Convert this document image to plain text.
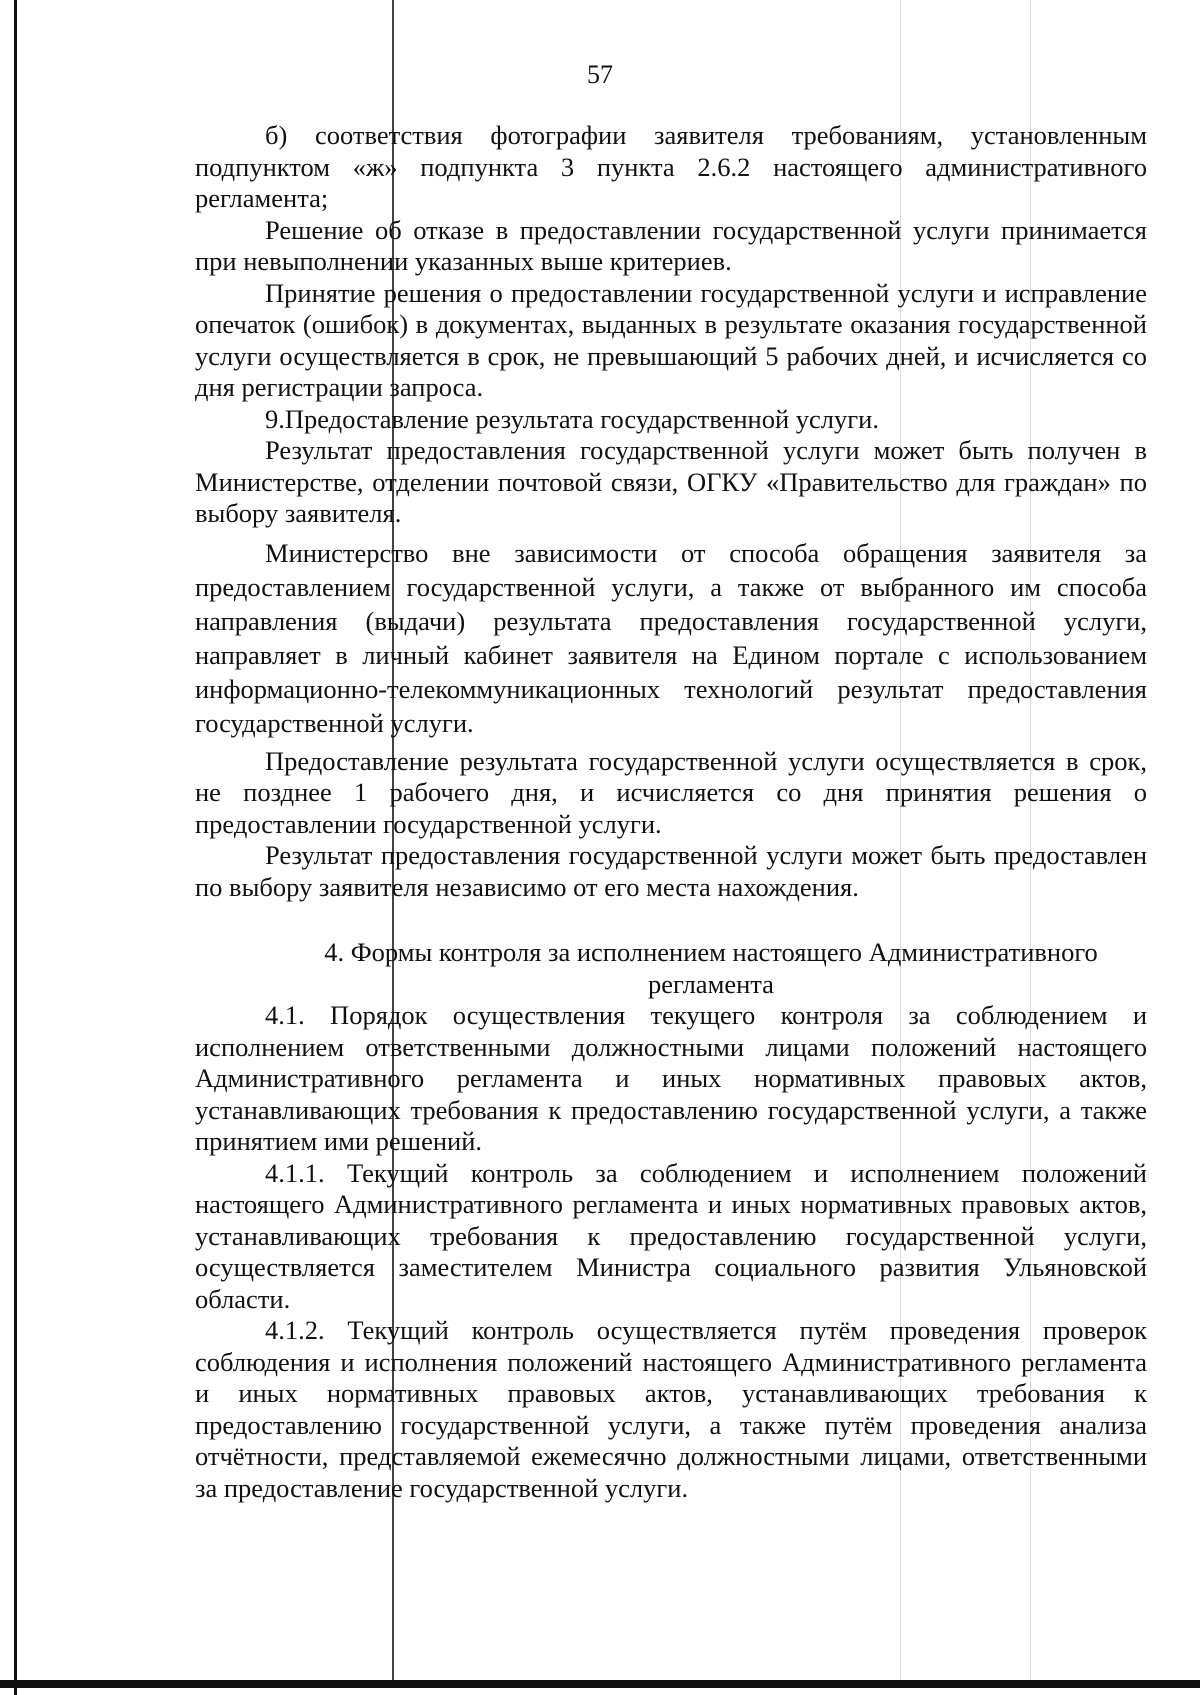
57

б) соответствия фотографии заявителя требованиям, установленным подпунктом «ж» подпункта 3 пункта 2.6.2 настоящего административного регламента;

Решение об отказе в предоставлении государственной услуги принимается при невыполнении указанных выше критериев.

Принятие решения о предоставлении государственной услуги и исправление опечаток (ошибок) в документах, выданных в результате оказания государственной услуги осуществляется в срок, не превышающий 5 рабочих дней, и исчисляется со дня регистрации запроса.

9.Предоставление результата государственной услуги.

Результат предоставления государственной услуги может быть получен в Министерстве, отделении почтовой связи, ОГКУ «Правительство для граждан» по выбору заявителя.

Министерство вне зависимости от способа обращения заявителя за предоставлением государственной услуги, а также от выбранного им способа направления (выдачи) результата предоставления государственной услуги, направляет в личный кабинет заявителя на Едином портале с использованием информационно-телекоммуникационных технологий результат предоставления государственной услуги.

Предоставление результата государственной услуги осуществляется в срок, не позднее 1 рабочего дня, и исчисляется со дня принятия решения о предоставлении государственной услуги.

Результат предоставления государственной услуги может быть предоставлен по выбору заявителя независимо от его места нахождения.

4. Формы контроля за исполнением настоящего Административного регламента

4.1. Порядок осуществления текущего контроля за соблюдением и исполнением ответственными должностными лицами положений настоящего Административного регламента и иных нормативных правовых актов, устанавливающих требования к предоставлению государственной услуги, а также принятием ими решений.

4.1.1. Текущий контроль за соблюдением и исполнением положений настоящего Административного регламента и иных нормативных правовых актов, устанавливающих требования к предоставлению государственной услуги, осуществляется заместителем Министра социального развития Ульяновской области.

4.1.2. Текущий контроль осуществляется путём проведения проверок соблюдения и исполнения положений настоящего Административного регламента и иных нормативных правовых актов, устанавливающих требования к предоставлению государственной услуги, а также путём проведения анализа отчётности, представляемой ежемесячно должностными лицами, ответственными за предоставление государственной услуги.
